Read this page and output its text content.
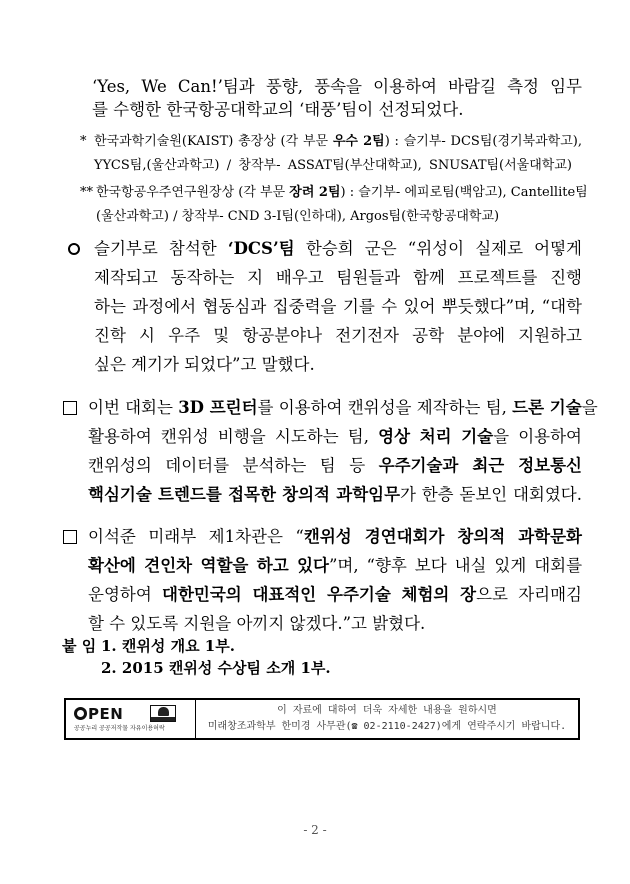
‘Yes, We Can!’팀과 풍향, 풍속을 이용하여 바람길 측정 임무
를 수행한 한국항공대학교의 ‘태풍’팀이 선정되었다.
* 한국과학기술원(KAIST) 총장상 (각 부문 우수 2팀) : 슬기부- DCS팀(경기북과학고),
YYCS팀,(울산과학고) / 창작부- ASSAT팀(부산대학교), SNUSAT팀(서울대학교)
** 한국항공우주연구원장상 (각 부문 장려 2팀) : 슬기부- 에피로팀(백암고), Cantellite팀
(울산과학고) / 창작부- CND 3-I팀(인하대), Argos팀(한국항공대학교)
슬기부로 참석한 ‘DCS’팀 한승희 군은 “위성이 실제로 어떻게
제작되고 동작하는 지 배우고 팀원들과 함께 프로젝트를 진행
하는 과정에서 협동심과 집중력을 기를 수 있어 뿌듯했다”며, “대학
진학 시 우주 및 항공분야나 전기전자 공학 분야에 지원하고
싶은 계기가 되었다”고 말했다.
이번 대회는 3D 프린터를 이용하여 캔위성을 제작하는 팀, 드론 기술을
활용하여 캔위성 비행을 시도하는 팀, 영상 처리 기술을 이용하여
캔위성의 데이터를 분석하는 팀 등 우주기술과 최근 정보통신
핵심기술 트렌드를 접목한 창의적 과학임무가 한층 돋보인 대회였다.
이석준 미래부 제1차관은 “캔위성 경연대회가 창의적 과학문화
확산에 견인차 역할을 하고 있다”며, “향후 보다 내실 있게 대회를
운영하여 대한민국의 대표적인 우주기술 체험의 장으로 자리매김
할 수 있도록 지원을 아끼지 않겠다.”고 밝혔다.
붙 임 1. 캔위성 개요 1부.
2. 2015 캔위성 수상팀 소개 1부.
PEN
공공누리 공공저작물 자유이용허락
이 자료에 대하여 더욱 자세한 내용을 원하시면
미래창조과학부 한미경 사무관(☎ 02-2110-2427)에게 연락주시기 바랍니다.
- 2 -
